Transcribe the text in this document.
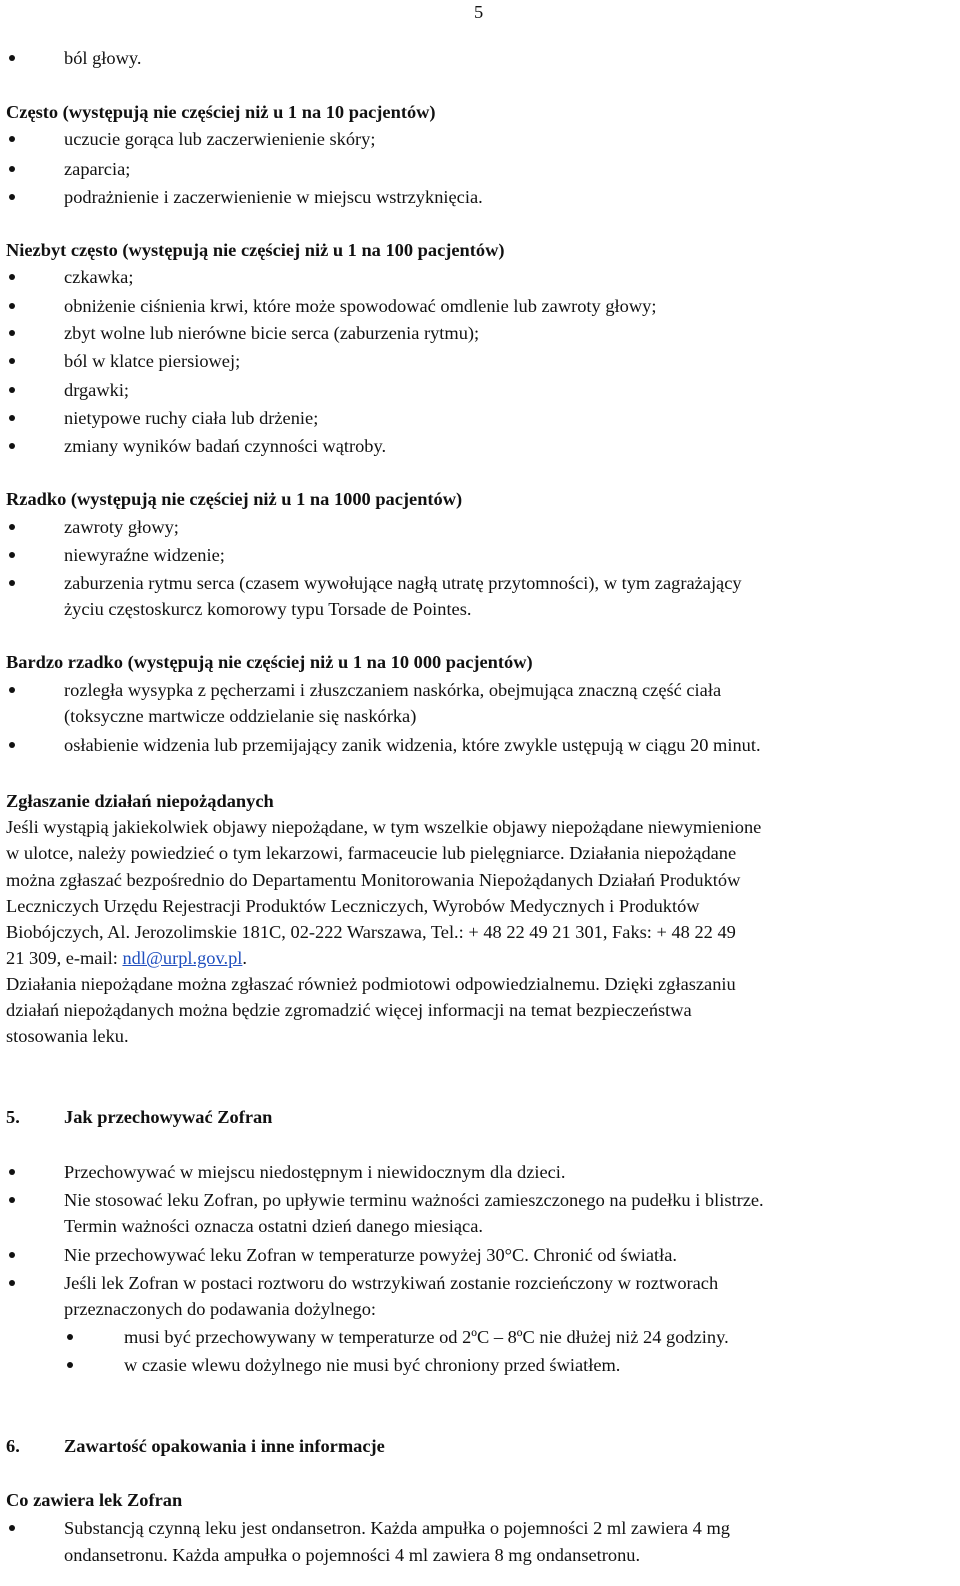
5
ból głowy.
Często (występują nie częściej niż u 1 na 10 pacjentów)
uczucie gorąca lub zaczerwienienie skóry;
zaparcia;
podrażnienie i zaczerwienienie w miejscu wstrzyknięcia.
Niezbyt często (występują nie częściej niż u 1 na 100 pacjentów)
czkawka;
obniżenie ciśnienia krwi, które może spowodować omdlenie lub zawroty głowy;
zbyt wolne lub nierówne bicie serca (zaburzenia rytmu);
ból w klatce piersiowej;
drgawki;
nietypowe ruchy ciała lub drżenie;
zmiany wyników badań czynności wątroby.
Rzadko (występują nie częściej niż u 1 na 1000 pacjentów)
zawroty głowy;
niewyraźne widzenie;
zaburzenia rytmu serca (czasem wywołujące nagłą utratę przytomności), w tym zagrażający
życiu częstoskurcz komorowy typu Torsade de Pointes.
Bardzo rzadko (występują nie częściej niż u 1 na 10 000 pacjentów)
rozległa wysypka z pęcherzami i złuszczaniem naskórka, obejmująca znaczną część ciała
(toksyczne martwicze oddzielanie się naskórka)
osłabienie widzenia lub przemijający zanik widzenia, które zwykle ustępują w ciągu 20 minut.
Zgłaszanie działań niepożądanych
Jeśli wystąpią jakiekolwiek objawy niepożądane, w tym wszelkie objawy niepożądane niewymienione
w ulotce, należy powiedzieć o tym lekarzowi, farmaceucie lub pielęgniarce. Działania niepożądane
można zgłaszać bezpośrednio do Departamentu Monitorowania Niepożądanych Działań Produktów
Leczniczych Urzędu Rejestracji Produktów Leczniczych, Wyrobów Medycznych i Produktów
Biobójczych, Al. Jerozolimskie 181C, 02-222 Warszawa, Tel.: + 48 22 49 21 301, Faks: + 48 22 49
21 309, e-mail: ndl@urpl.gov.pl.
Działania niepożądane można zgłaszać również podmiotowi odpowiedzialnemu. Dzięki zgłaszaniu
działań niepożądanych można będzie zgromadzić więcej informacji na temat bezpieczeństwa
stosowania leku.
5. Jak przechowywać Zofran
Przechowywać w miejscu niedostępnym i niewidocznym dla dzieci.
Nie stosować leku Zofran, po upływie terminu ważności zamieszczonego na pudełku i blistrze.
Termin ważności oznacza ostatni dzień danego miesiąca.
Nie przechowywać leku Zofran w temperaturze powyżej 30°C. Chronić od światła.
Jeśli lek Zofran w postaci roztworu do wstrzykiwań zostanie rozcieńczony w roztworach
przeznaczonych do podawania dożylnego:
musi być przechowywany w temperaturze od 2ºC – 8ºC nie dłużej niż 24 godziny.
w czasie wlewu dożylnego nie musi być chroniony przed światłem.
6. Zawartość opakowania i inne informacje
Co zawiera lek Zofran
Substancją czynną leku jest ondansetron. Każda ampułka o pojemności 2 ml zawiera 4 mg
ondansetronu. Każda ampułka o pojemności 4 ml zawiera 8 mg ondansetronu.
